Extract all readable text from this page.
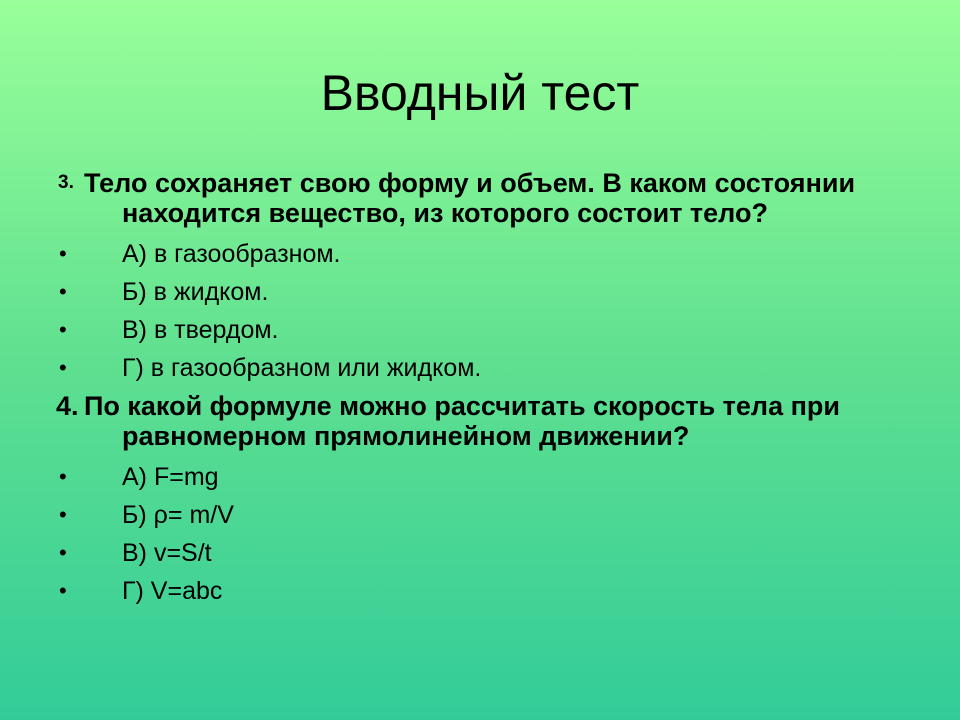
Вводный тест
3. Тело сохраняет свою форму и объем. В каком состоянии находится вещество, из которого состоит тело?
• А) в газообразном.
• Б) в жидком.
• В) в твердом.
• Г) в газообразном или жидком.
4. По какой формуле можно рассчитать скорость тела при равномерном прямолинейном движении?
• А) F=mg
• Б) ρ= m/V
• В) v=S/t
• Г) V=abc
